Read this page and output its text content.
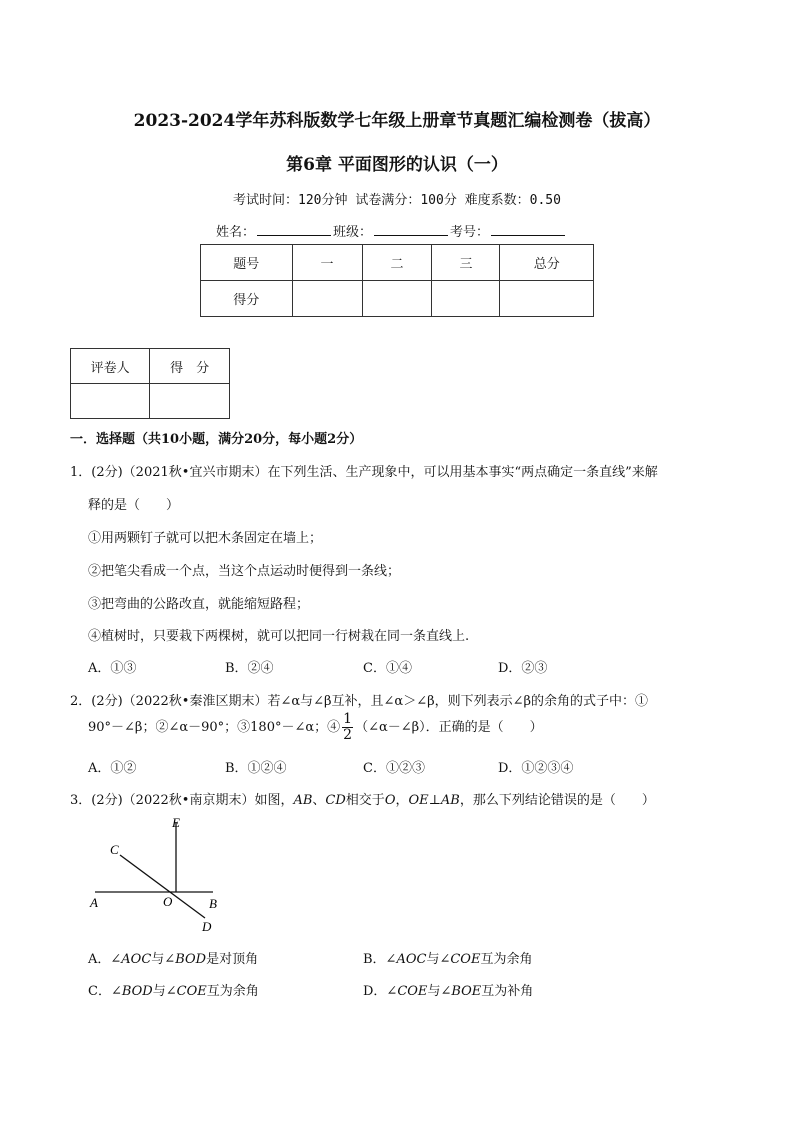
2023-2024学年苏科版数学七年级上册章节真题汇编检测卷（拔高）
第6章 平面图形的认识（一）
考试时间：120分钟 试卷满分：100分 难度系数：0.50
姓名：	班级：	考号：
题号	一	二	三	总分
得分				
评卷人	得　分

一．选择题（共10小题，满分20分，每小题2分）
1．(2分)（2021秋•宜兴市期末）在下列生活、生产现象中，可以用基本事实“两点确定一条直线”来解
释的是（　　）
①用两颗钉子就可以把木条固定在墙上；
②把笔尖看成一个点，当这个点运动时便得到一条线；
③把弯曲的公路改直，就能缩短路程；
④植树时，只要栽下两棵树，就可以把同一行树栽在同一条直线上.
A．①③	B．②④	C．①④	D．②③
2．(2分)（2022秋•秦淮区期末）若∠α与∠β互补，且∠α＞∠β，则下列表示∠β的余角的式子中：①
90°－∠β；②∠α－90°；③180°－∠α；④ $\frac{1}{2}$ （∠α－∠β）．正确的是（　　）
A．①②	B．①②④	C．①②③	D．①②③④
3．(2分)（2022秋•南京期末）如图，AB、CD相交于O，OE⊥AB，那么下列结论错误的是（　　）
E
C
A	O	B
D
A．∠AOC与∠BOD是对顶角	B．∠AOC与∠COE互为余角
C．∠BOD与∠COE互为余角	D．∠COE与∠BOE互为补角
